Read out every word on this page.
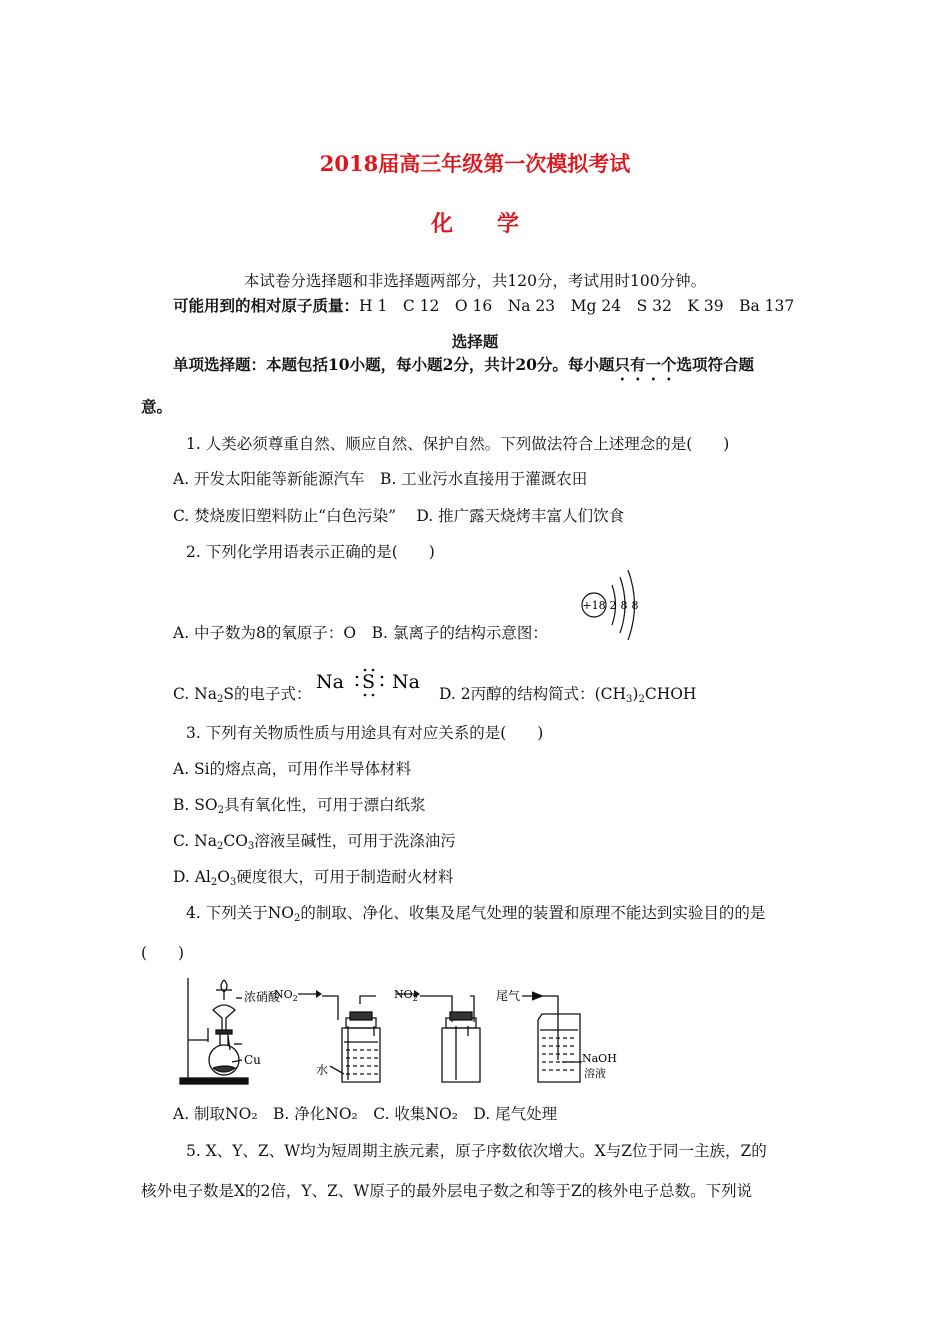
2018届高三年级第一次模拟考试
化　　学
本试卷分选择题和非选择题两部分，共120分，考试用时100分钟。
可能用到的相对原子质量：H 1　C 12　O 16　Na 23　Mg 24　S 32　K 39　Ba 137
选择题
单项选择题：本题包括10小题，每小题2分，共计20分。每小题只有一个选项符合题
意。
1. 人类必须尊重自然、顺应自然、保护自然。下列做法符合上述理念的是(　　)
A. 开发太阳能等新能源汽车　B. 工业污水直接用于灌溉农田
C. 焚烧废旧塑料防止“白色污染”　 D. 推广露天烧烤丰富人们饮食
2. 下列化学用语表示正确的是(　　)
A. 中子数为8的氧原子：O　B. 氯离子的结构示意图：
+18 2 8 8
C. $Na_2S$的电子式：
Na S Na
D. 2丙醇的结构简式：$(CH_3)_2CHOH$
3. 下列有关物质性质与用途具有对应关系的是(　　)
A. Si的熔点高，可用作半导体材料
B. $SO_2$具有氧化性，可用于漂白纸浆
C. $Na_2CO_3$溶液呈碱性，可用于洗涤油污
D. $Al_2O_3$硬度很大，可用于制造耐火材料
4. 下列关于$NO_2$的制取、净化、收集及尾气处理的装置和原理不能达到实验目的的是
(　　)
浓硝酸
Cu
$NO_2$
水
$NO_2$	尾气
NaOH
溶液
A. 制取NO₂　B. 净化NO₂　C. 收集NO₂　D. 尾气处理
5. X、Y、Z、W均为短周期主族元素，原子序数依次增大。X与Z位于同一主族，Z的
核外电子数是X的2倍，Y、Z、W原子的最外层电子数之和等于Z的核外电子总数。下列说
